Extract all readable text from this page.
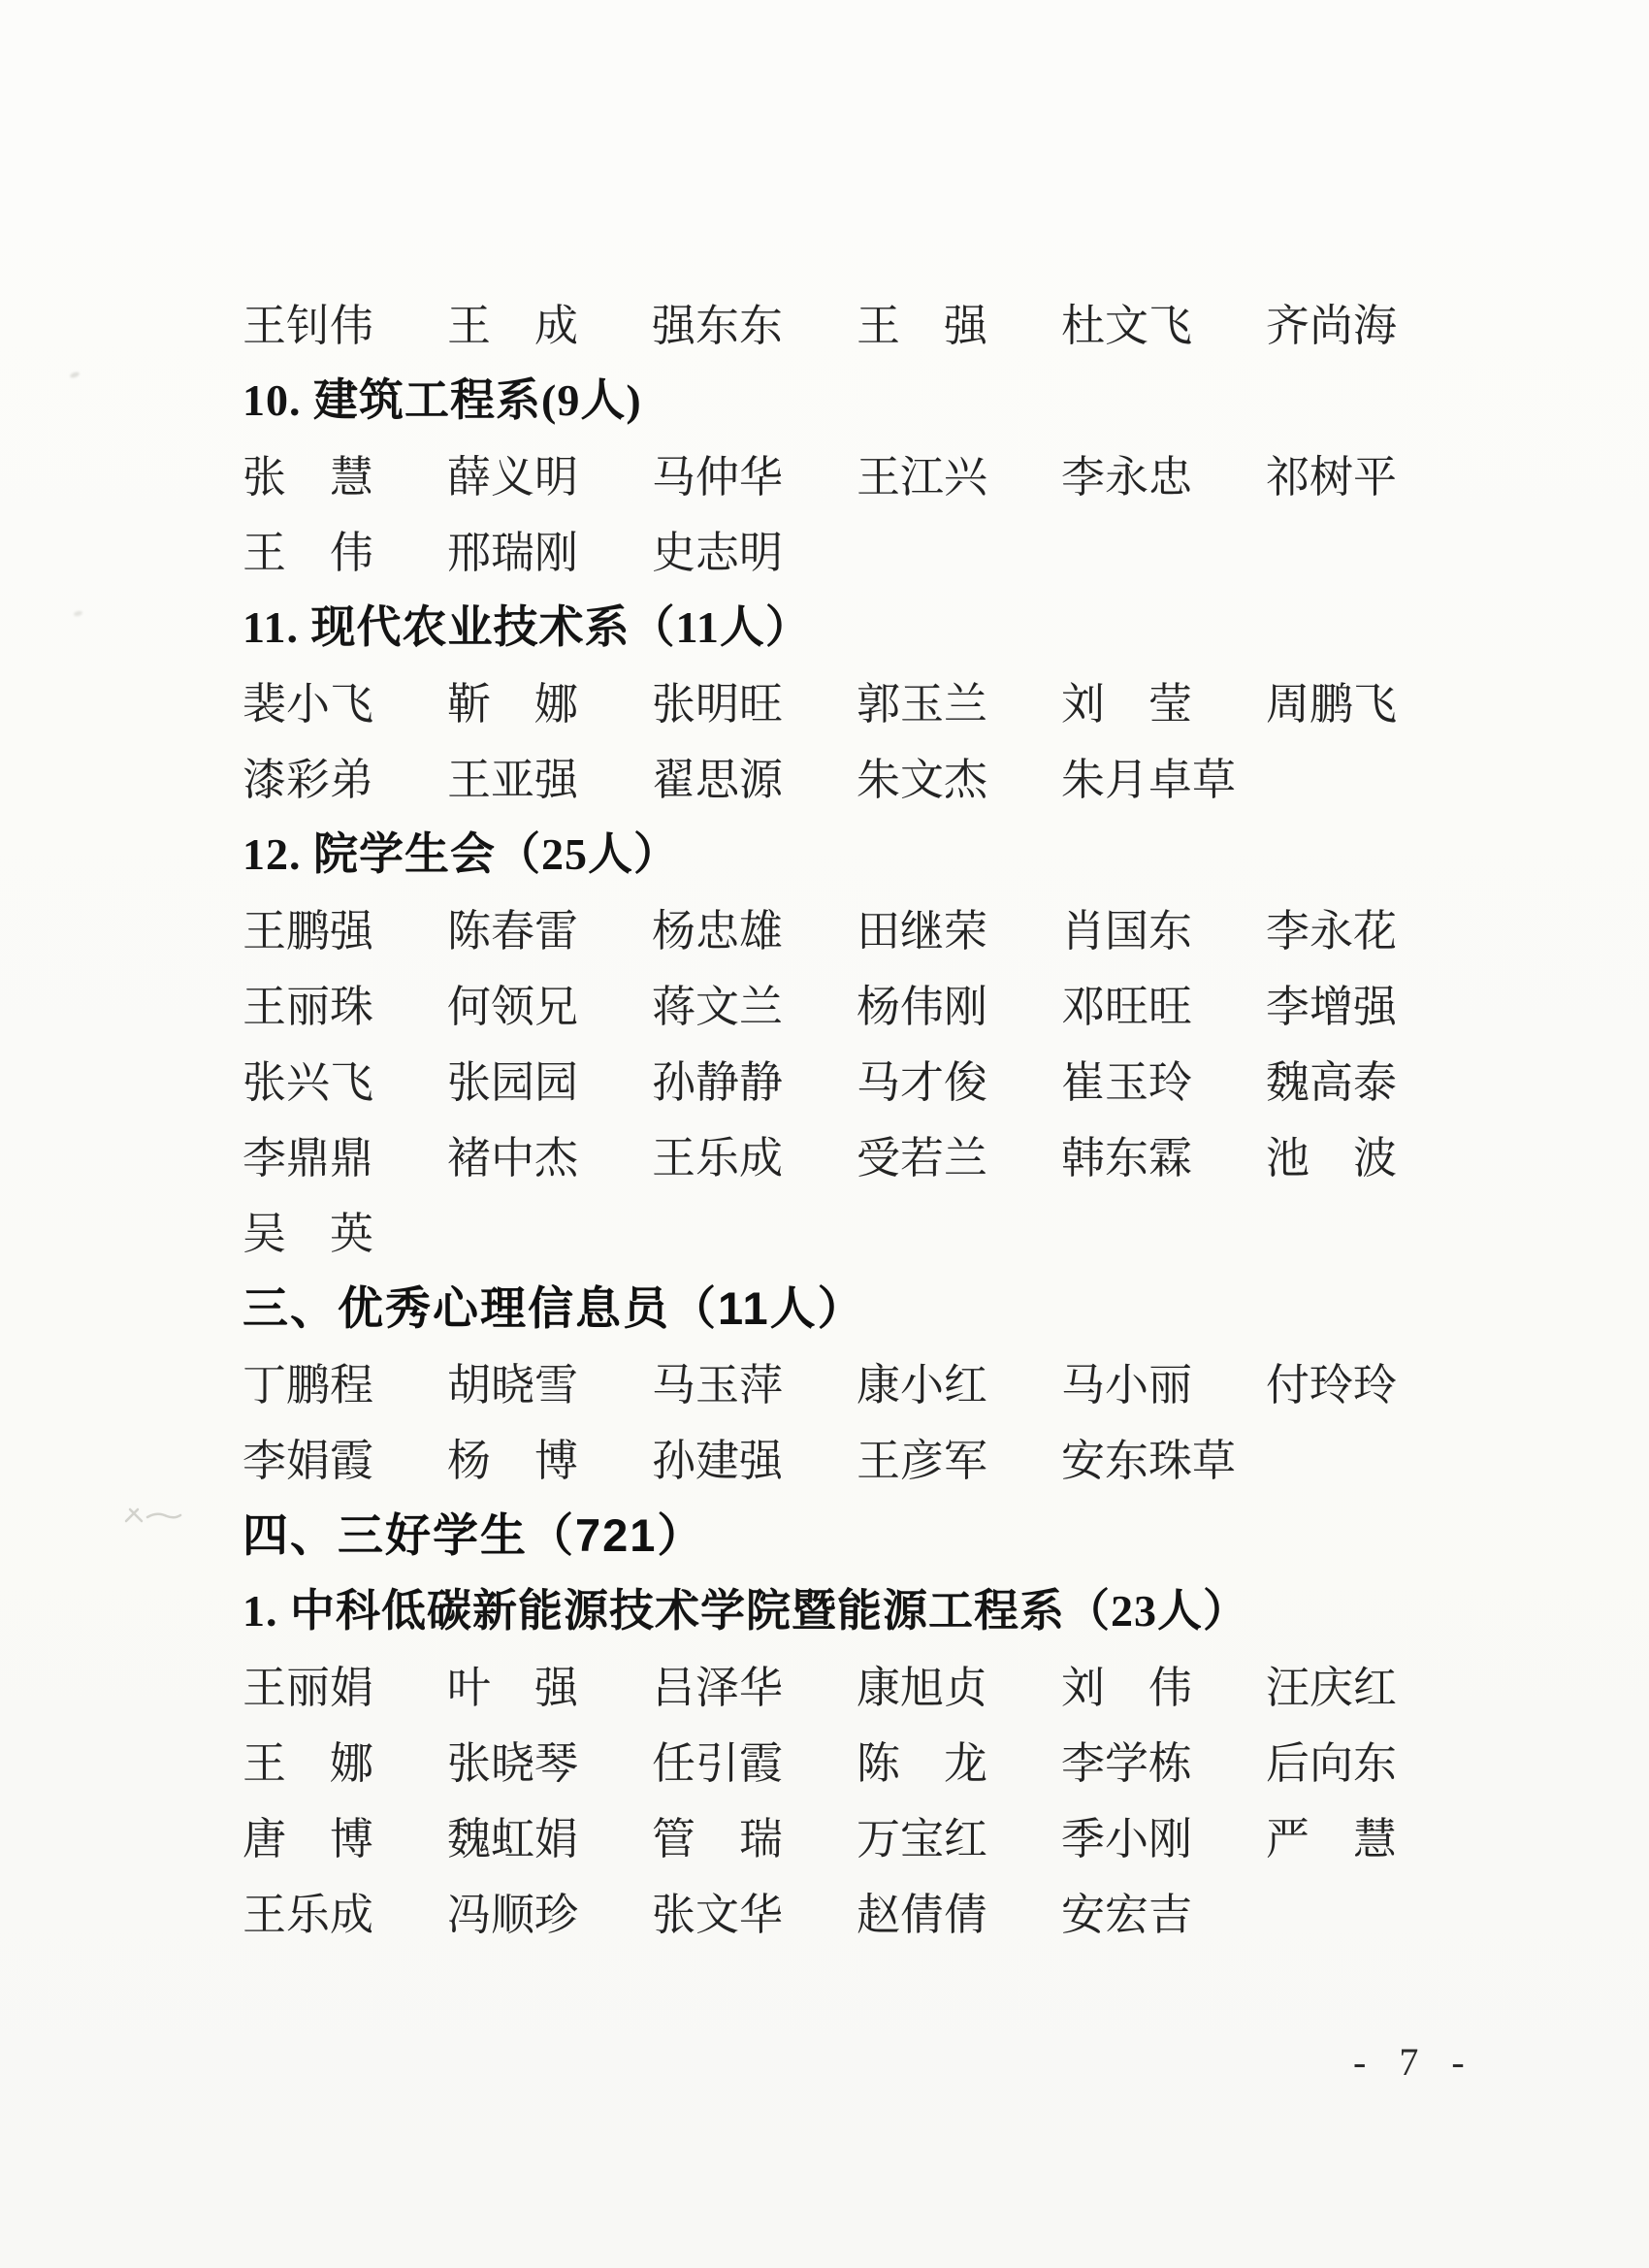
王钊伟	王　成	强东东	王　强	杜文飞	齐尚海
10. 建筑工程系(9人)
张　慧	薛义明	马仲华	王江兴	李永忠	祁树平
王　伟	邢瑞刚	史志明
11. 现代农业技术系（11人）
裴小飞	靳　娜	张明旺	郭玉兰	刘　莹	周鹏飞
漆彩弟	王亚强	翟思源	朱文杰	朱月卓草
12. 院学生会（25人）
王鹏强	陈春雷	杨忠雄	田继荣	肖国东	李永花
王丽珠	何领兄	蒋文兰	杨伟刚	邓旺旺	李增强
张兴飞	张园园	孙静静	马才俊	崔玉玲	魏高泰
李鼎鼎	褚中杰	王乐成	受若兰	韩东霖	池　波
吴　英
三、优秀心理信息员（11人）
丁鹏程	胡晓雪	马玉萍	康小红	马小丽	付玲玲
李娟霞	杨　博	孙建强	王彦军	安东珠草
四、三好学生（721）
1. 中科低碳新能源技术学院暨能源工程系（23人）
王丽娟	叶　强	吕泽华	康旭贞	刘　伟	汪庆红
王　娜	张晓琴	任引霞	陈　龙	李学栋	后向东
唐　博	魏虹娟	管　瑞	万宝红	季小刚	严　慧
王乐成	冯顺珍	张文华	赵倩倩	安宏吉
- 7 -
